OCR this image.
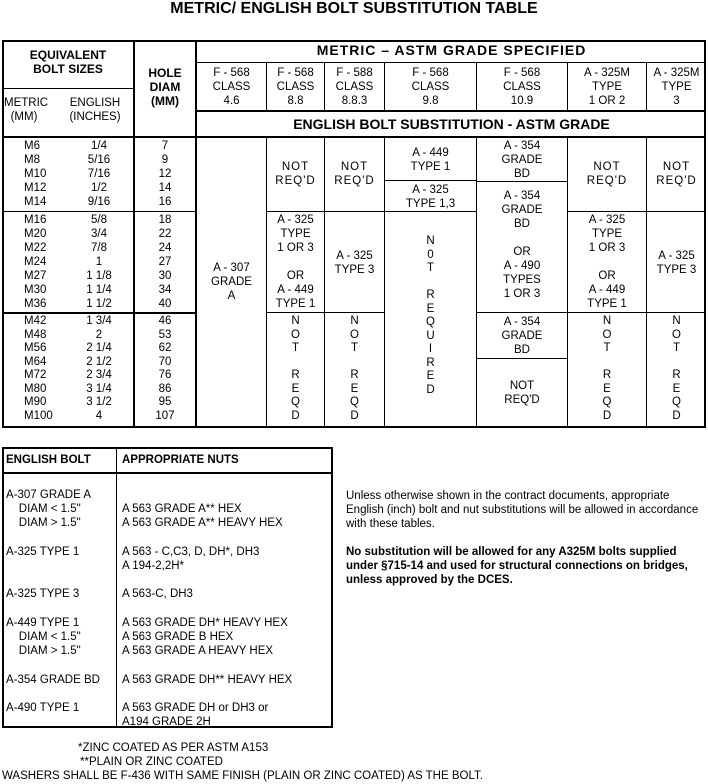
METRIC/ ENGLISH BOLT SUBSTITUTION TABLE
EQUIVALENT
BOLT SIZES
METRIC
(MM)
ENGLISH
(INCHES)
HOLE
DIAM
(MM)
METRIC – ASTM GRADE SPECIFIED
ENGLISH BOLT SUBSTITUTION - ASTM GRADE
F - 568
CLASS
4.6
F - 568
CLASS
8.8
F - 588
CLASS
8.8.3
F - 568
CLASS
9.8
F - 568
CLASS
10.9
A - 325M
TYPE
1 OR 2
A - 325M
TYPE
3
M6
M8
M10
M12
M14
1/4
5/16
7/16
1/2
9/16
7
9
12
14
16
M16
M20
M22
M24
M27
M30
M36
5/8
3/4
7/8
1
1 1/8
1 1/4
1 1/2
18
22
24
27
30
34
40
M42
M48
M56
M64
M72
M80
M90
M100
1 3/4
2
2 1/4
2 1/2
2 3/4
3 1/4
3 1/2
4
46
53
62
70
76
86
95
107
A - 307
GRADE
A
NOT
REQ'D
NOT
REQ'D
A - 449
TYPE 1
A - 325
TYPE 1,3
A - 354
GRADE
BD
NOT
REQ'D
NOT
REQ'D
A - 325
TYPE
1 OR 3

OR
A - 449
TYPE 1
A - 325
TYPE 3
N
0
T

R
E
Q
U
I
R
E
D
A - 354
GRADE
BD

OR
A - 490
TYPES
1 OR 3
A - 325
TYPE
1 OR 3

OR
A - 449
TYPE 1
A - 325
TYPE 3
N
O
T

R
E
Q
D
N
O
T

R
E
Q
D
A - 354
GRADE
BD
NOT
REQ'D
N
O
T

R
E
Q
D
N
O
T

R
E
Q
D
ENGLISH BOLT	APPROPRIATE NUTS
A-307 GRADE A
DIAM < 1.5"
DIAM > 1.5"

A-325 TYPE 1

A-325 TYPE 3

A-449 TYPE 1
DIAM < 1.5"
DIAM > 1.5"

A-354 GRADE BD

A-490 TYPE 1

A 563 GRADE A** HEX
A 563 GRADE A** HEAVY HEX

A 563 - C,C3, D, DH*, DH3
A 194-2,2H*

A 563-C, DH3

A 563 GRADE DH* HEAVY HEX
A 563 GRADE B HEX
A 563 GRADE A HEAVY HEX

A 563 GRADE DH** HEAVY HEX

A 563 GRADE DH or DH3 or
A194 GRADE 2H
Unless otherwise shown in the contract documents, appropriate English (inch) bolt and nut substitutions will be allowed in accordance with these tables.
No substitution will be allowed for any A325M bolts supplied under §715-14 and used for structural connections on bridges, unless approved by the DCES.
*ZINC COATED AS PER ASTM A153
**PLAIN OR ZINC COATED
WASHERS SHALL BE F-436 WITH SAME FINISH (PLAIN OR ZINC COATED) AS THE BOLT.
